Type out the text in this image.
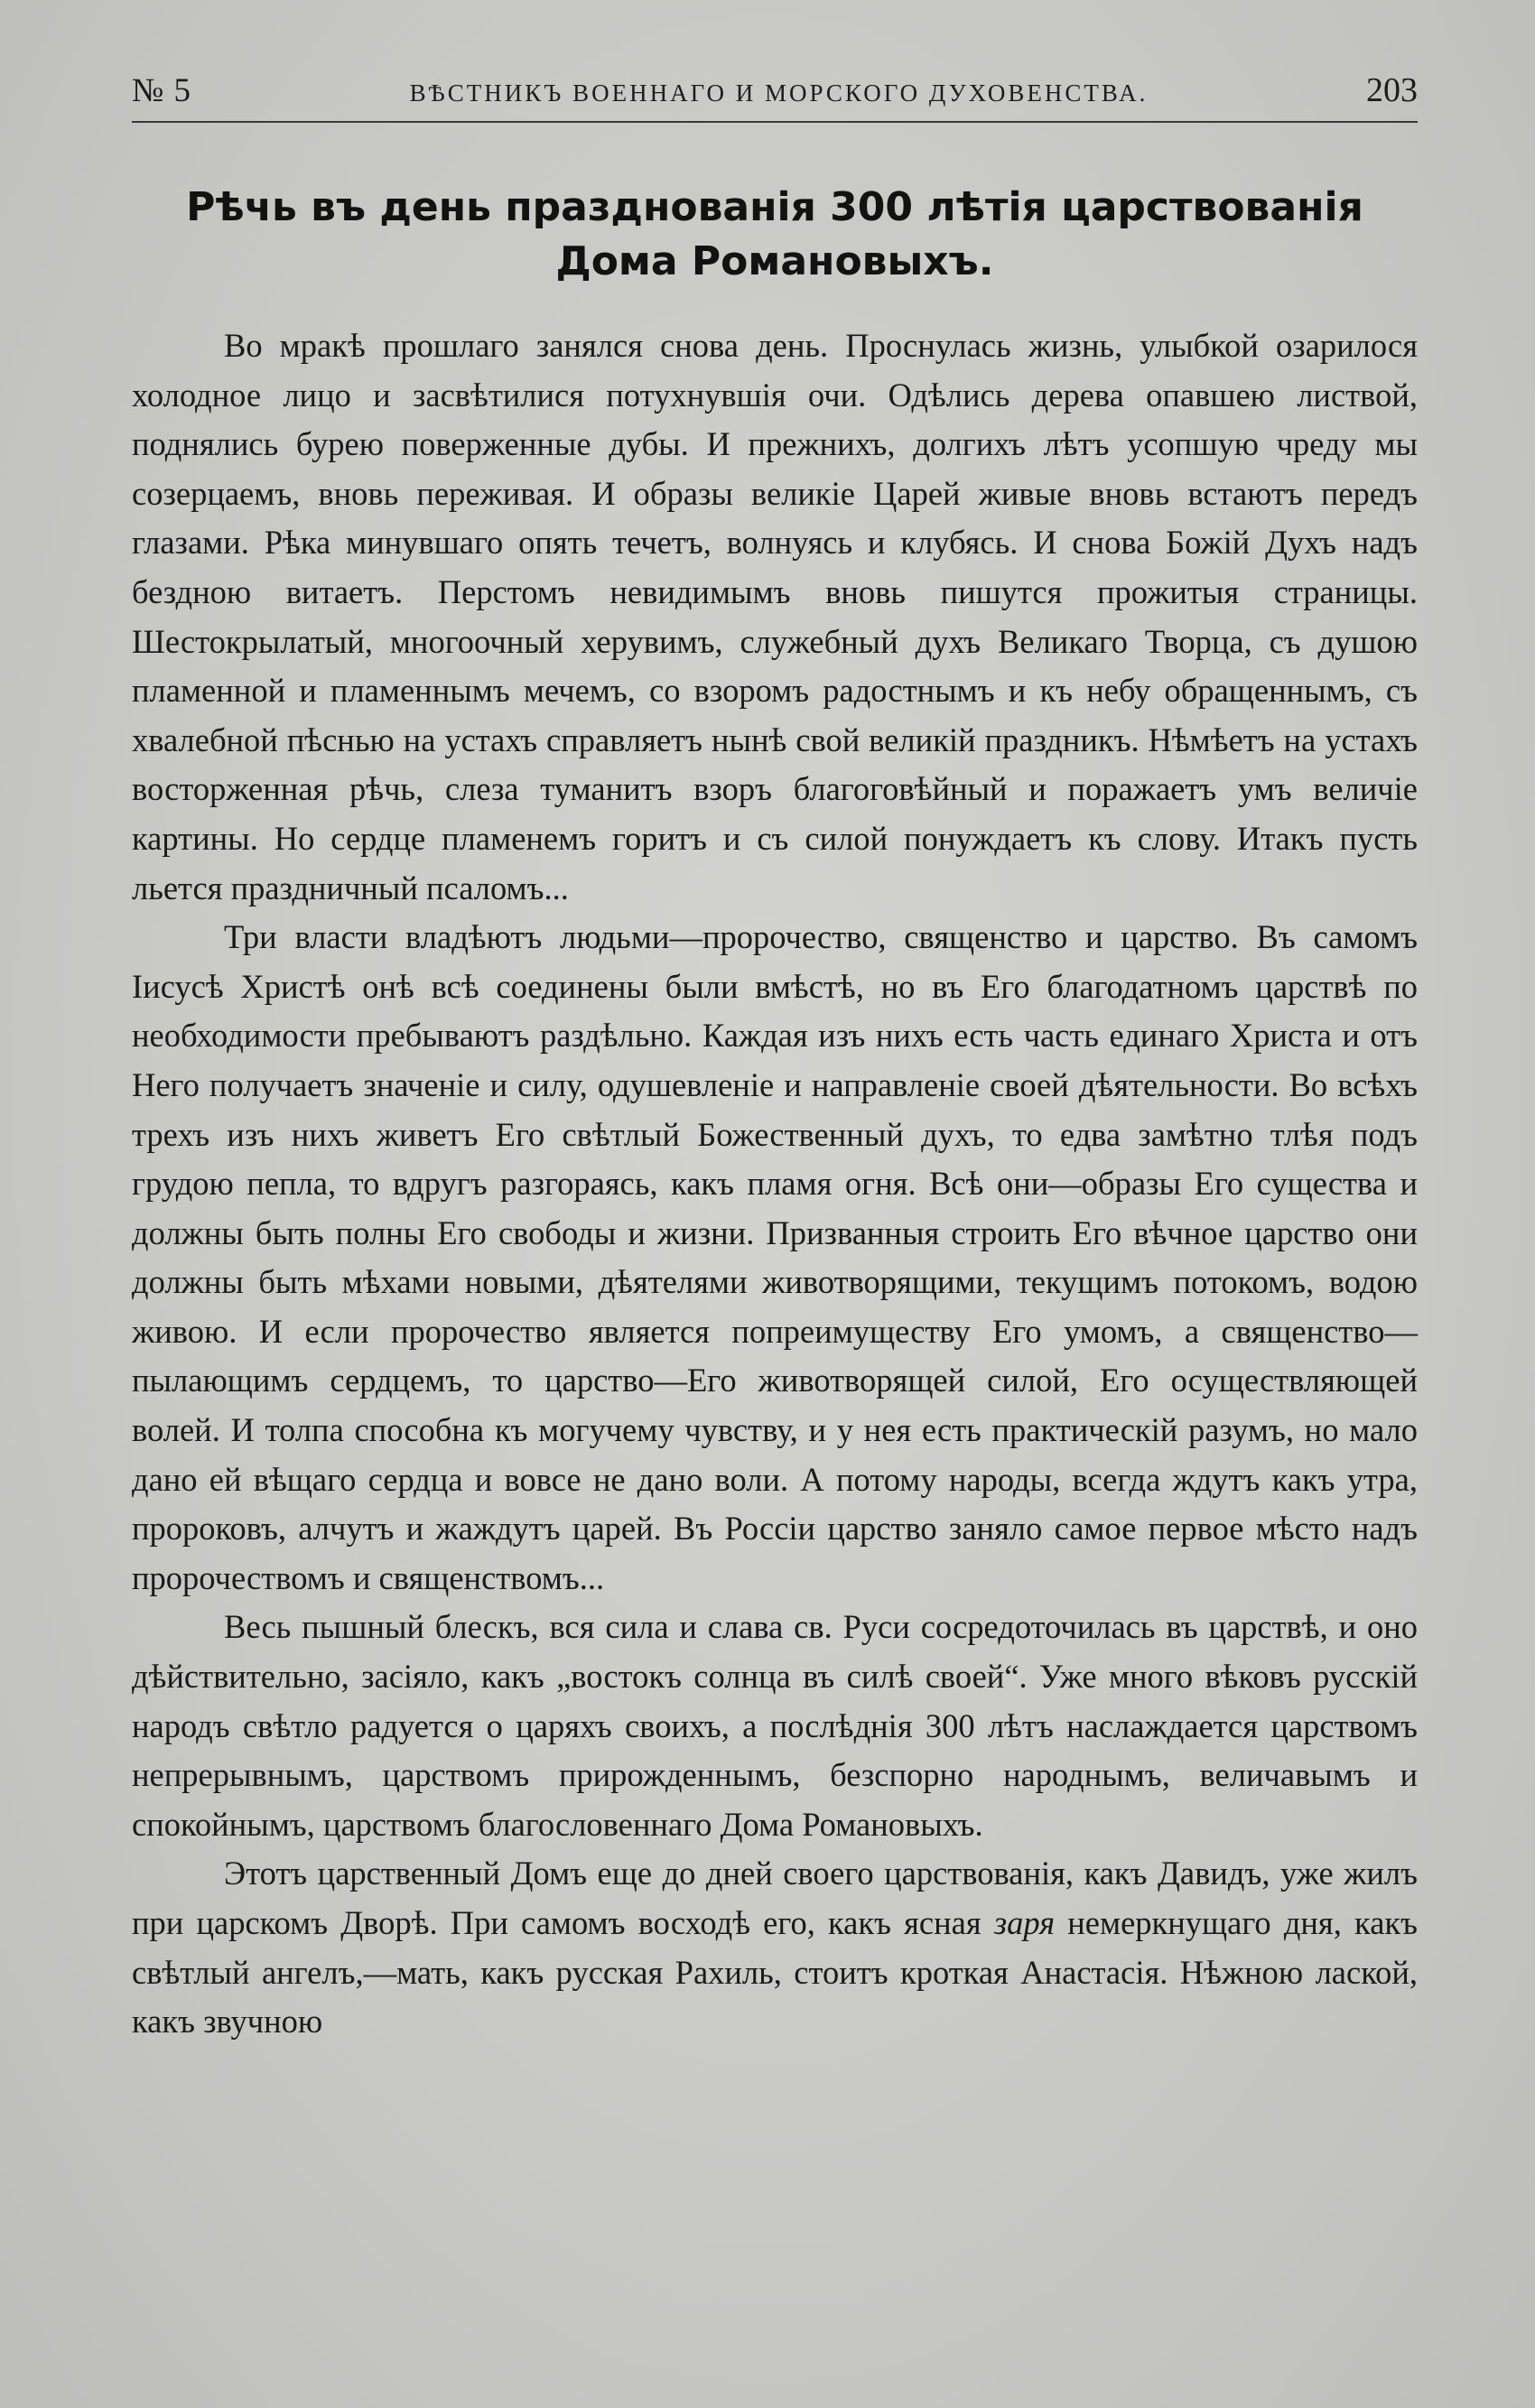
№ 5	ВѢСТНИКЪ ВОЕННАГО И МОРСКОГО ДУХОВЕНСТВА.	203
Рѣчь въ день празднованія 300 лѣтія царствованія Дома Романовыхъ.

Во мракѣ прошлаго занялся снова день. Проснулась жизнь, улыбкой озарилося холодное лицо и засвѣтилися потухнувшія очи. Одѣлись дерева опавшею листвой, поднялись бурею поверженные дубы. И прежнихъ, долгихъ лѣтъ усопшую чреду мы созерцаемъ, вновь переживая. И образы великіе Царей живые вновь встаютъ передъ глазами. Рѣка минувшаго опять течетъ, волнуясь и клубясь. И снова Божій Духъ надъ бездною витаетъ. Перстомъ невидимымъ вновь пишутся прожитыя страницы. Шестокрылатый, многоочный херувимъ, служебный духъ Великаго Творца, съ душою пламенной и пламеннымъ мечемъ, со взоромъ радостнымъ и къ небу обращеннымъ, съ хвалебной пѣснью на устахъ справляетъ нынѣ свой великій праздникъ. Нѣмѣетъ на устахъ восторженная рѣчь, слеза туманитъ взоръ благоговѣйный и поражаетъ умъ величіе картины. Но сердце пламенемъ горитъ и съ силой понуждаетъ къ слову. Итакъ пусть льется праздничный псаломъ...

Три власти владѣютъ людьми—пророчество, священство и царство. Въ самомъ Іисусѣ Христѣ онѣ всѣ соединены были вмѣстѣ, но въ Его благодатномъ царствѣ по необходимости пребываютъ раздѣльно. Каждая изъ нихъ есть часть единаго Христа и отъ Него получаетъ значеніе и силу, одушевленіе и направленіе своей дѣятельности. Во всѣхъ трехъ изъ нихъ живетъ Его свѣтлый Божественный духъ, то едва замѣтно тлѣя подъ грудою пепла, то вдругъ разгораясь, какъ пламя огня. Всѣ они—образы Его существа и должны быть полны Его свободы и жизни. Призванныя строить Его вѣчное царство они должны быть мѣхами новыми, дѣятелями животворящими, текущимъ потокомъ, водою живою. И если пророчество является попреимуществу Его умомъ, а священство—пылающимъ сердцемъ, то царство—Его животворящей силой, Его осуществляющей волей. И толпа способна къ могучему чувству, и у нея есть практическій разумъ, но мало дано ей вѣщаго сердца и вовсе не дано воли. А потому народы, всегда ждутъ какъ утра, пророковъ, алчутъ и жаждутъ царей. Въ Россіи царство заняло самое первое мѣсто надъ пророчествомъ и священствомъ...

Весь пышный блескъ, вся сила и слава св. Руси сосредоточилась въ царствѣ, и оно дѣйствительно, засіяло, какъ „востокъ солнца въ силѣ своей“. Уже много вѣковъ русскій народъ свѣтло радуется о царяхъ своихъ, а послѣднія 300 лѣтъ наслаждается царствомъ непрерывнымъ, царствомъ прирожденнымъ, безспорно народнымъ, величавымъ и спокойнымъ, царствомъ благословеннаго Дома Романовыхъ.

Этотъ царственный Домъ еще до дней своего царствованія, какъ Давидъ, уже жилъ при царскомъ Дворѣ. При самомъ восходѣ его, какъ ясная заря немеркнущаго дня, какъ свѣтлый ангелъ,—мать, какъ русская Рахиль, стоитъ кроткая Анастасія. Нѣжною лаской, какъ звучною
